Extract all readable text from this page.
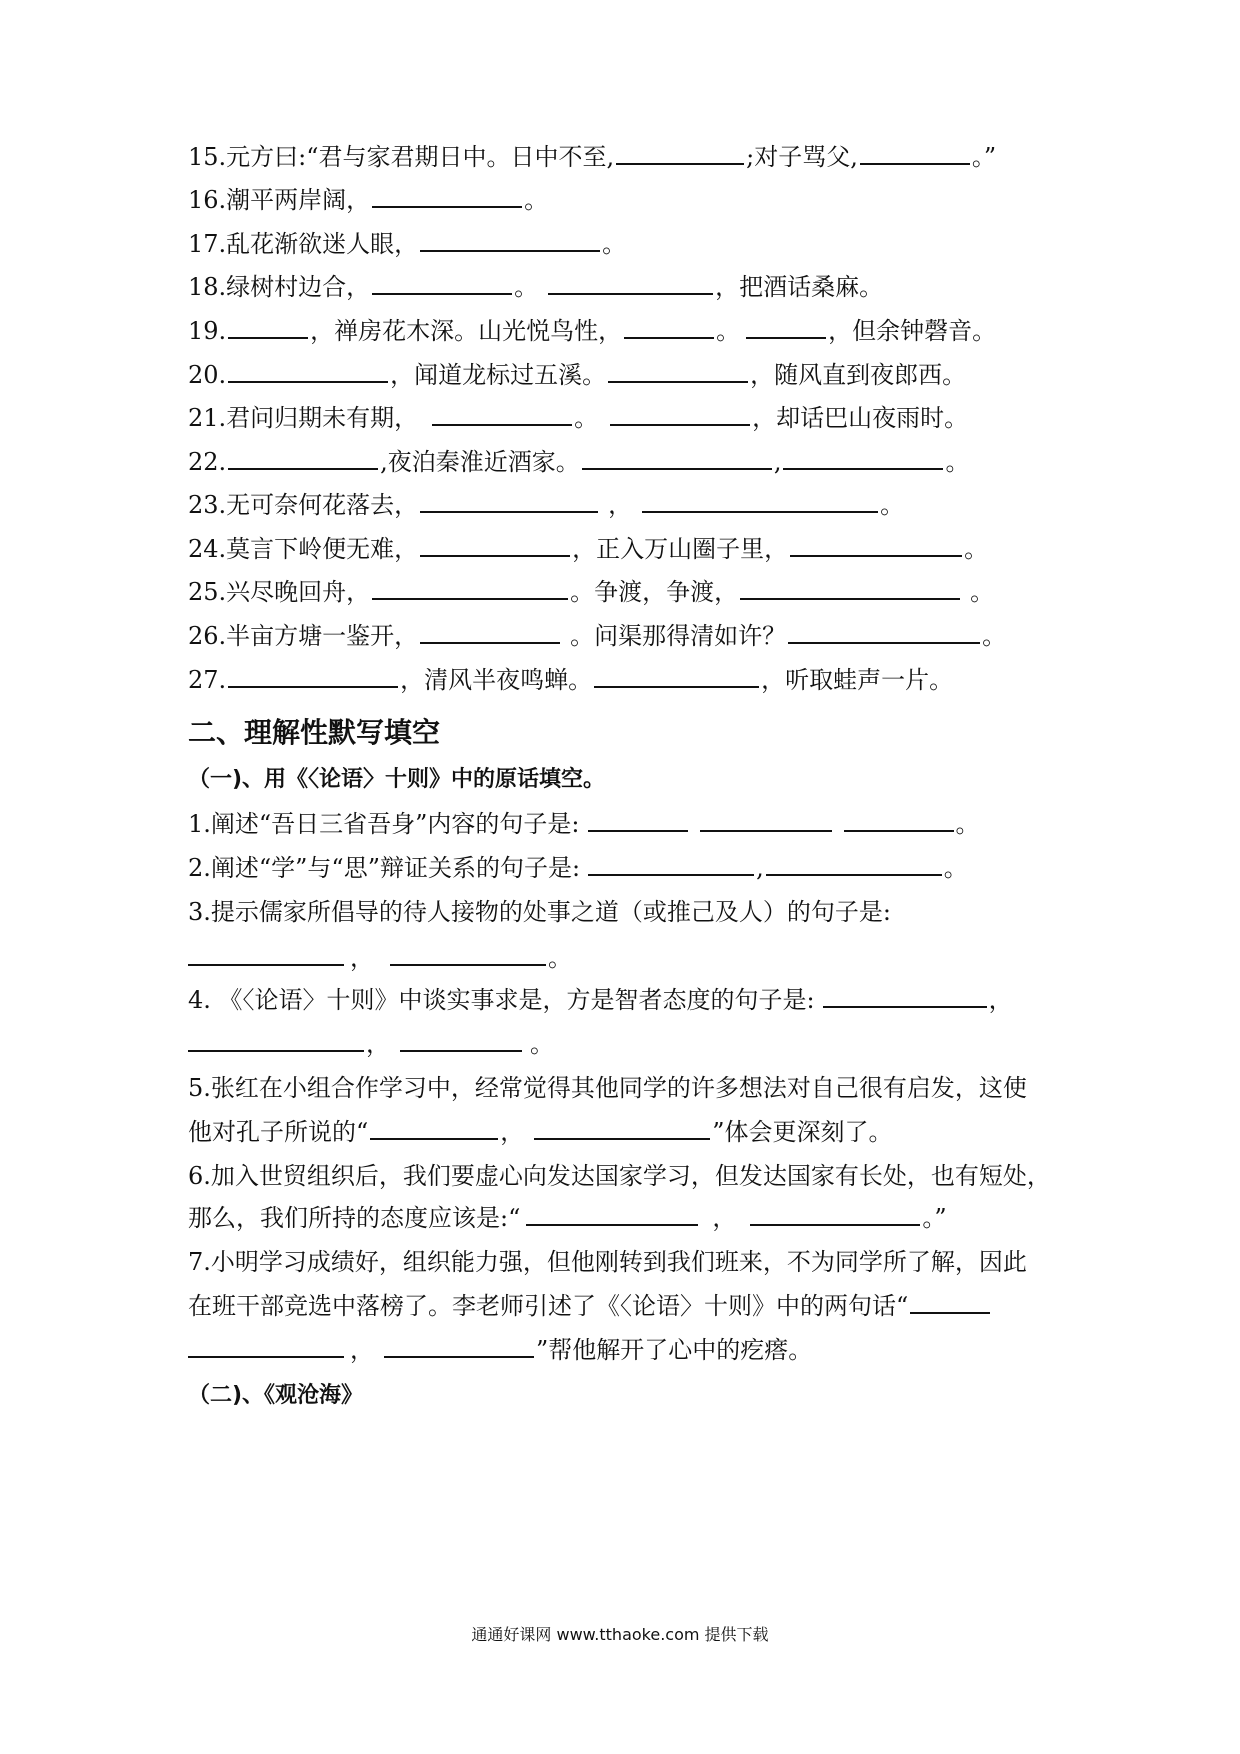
15.元方曰:“君与家君期日中。日中不至,	;对子骂父,	。”
16.潮平两岸阔，	。
17.乱花渐欲迷人眼，	。
18.绿树村边合，	。	，把酒话桑麻。
19.	，禅房花木深。山光悦鸟性，	。	，但余钟磬音。
20.	，闻道龙标过五溪。	，随风直到夜郎西。
21.君问归期未有期，	。	，却话巴山夜雨时。
22.	,夜泊秦淮近酒家。	,	。
23.无可奈何花落去，	，	。
24.莫言下岭便无难，	，正入万山圈子里，	。
25.兴尽晚回舟，	。争渡，争渡，	。
26.半亩方塘一鉴开，	。问渠那得清如许？	。
27.	，清风半夜鸣蝉。	，听取蛙声一片。
二、理解性默写填空
（一)、用《〈论语〉十则》中的原话填空。
1.阐述“吾日三省吾身”内容的句子是:	。
2.阐述“学”与“思”辩证关系的句子是:	,	。
3.提示儒家所倡导的待人接物的处事之道（或推己及人）的句子是:
，	。
4. 《〈论语〉十则》中谈实事求是，方是智者态度的句子是:	，
，	。
5.张红在小组合作学习中，经常觉得其他同学的许多想法对自己很有启发，这使
他对孔子所说的“	，	”体会更深刻了。
6.加入世贸组织后，我们要虚心向发达国家学习，但发达国家有长处，也有短处，
那么，我们所持的态度应该是:“	，	。”
7.小明学习成绩好，组织能力强，但他刚转到我们班来，不为同学所了解，因此
在班干部竞选中落榜了。李老师引述了《〈论语〉十则》中的两句话“
，	”帮他解开了心中的疙瘩。
（二)、《观沧海》
通通好课网 www.tthaoke.com 提供下载
